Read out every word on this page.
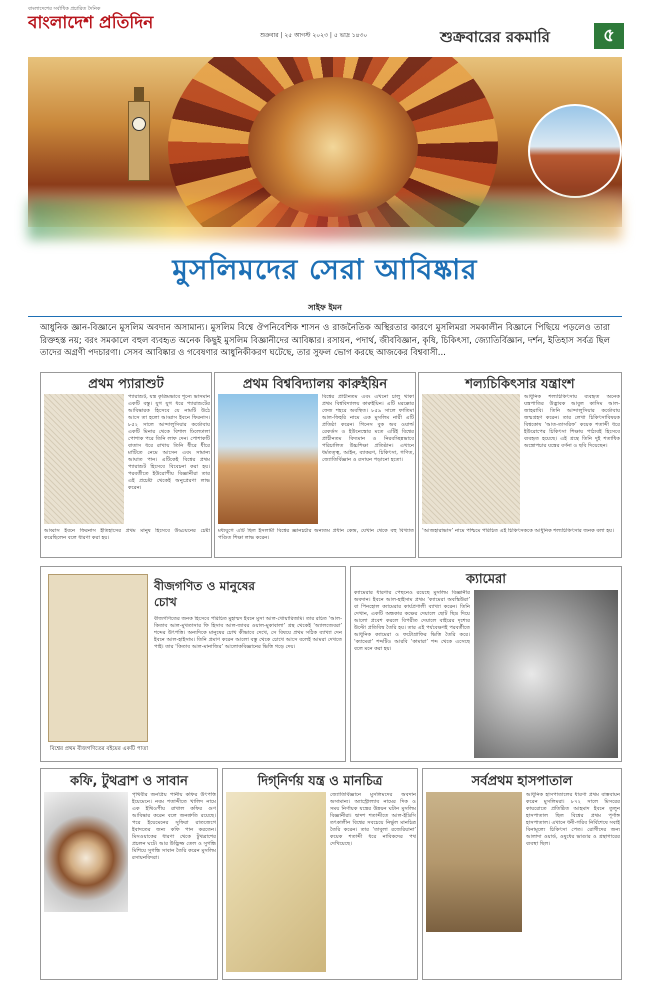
বাংলাদেশের সর্বাধিক প্রচারিত দৈনিক
বাংলাদেশ প্রতিদিন
শুক্রবার | ২৫ আগস্ট ২০২৩ | ৫ ভাদ্র ১৪৩০	শুক্রবারের রকমারি	৫
মুসলিমদের সেরা আবিষ্কার
সাইফ ইমন
আধুনিক জ্ঞান-বিজ্ঞানে মুসলিম অবদান অসামান্য। মুসলিম বিশ্বে ঔপনিবেশিক শাসন ও রাজনৈতিক অস্থিরতার কারণে মুসলিমরা সমকালীন বিজ্ঞানে পিছিয়ে পড়লেও তারা রিক্তহস্ত নয়; বরং সমকালে বহুল ব্যবহৃত অনেক কিছুই মুসলিম বিজ্ঞানীদের আবিষ্কার। রসায়ন, পদার্থ, জীববিজ্ঞান, কৃষি, চিকিৎসা, জ্যোতির্বিজ্ঞান, দর্শন, ইতিহাস সর্বত্র ছিল তাদের অগ্রণী পদচারণা। সেসব আবিষ্কার ও গবেষণার আধুনিকীকরণ ঘটেছে, তার সুফল ভোগ করছে আজকের বিশ্ববাসী...
প্রথম প্যারাশুট
প্যারাশুট, যন্ত্র কৃত্রিমভাবে শূন্যে ভাসমান একটি বস্তু। যুগ যুগ ধরে প্যারাশুটের আবিষ্কারক হিসেবে যে নামটি উঠে আসে তা হলো আব্বাস ইবনে ফিরনাস। ৮৫২ সালে আন্দালুসিয়ার কর্ডোবায় একটি মিনার থেকে বিশাল ঢিলেঢালা পোশাক পরে তিনি লাফ দেন। পোশাকটি বাতাস ধরে রাখায় তিনি ধীরে ধীরে মাটিতে নেমে আসেন এবং সামান্য আঘাত পান। এটিকেই বিশ্বের প্রথম প্যারাশুট হিসেবে বিবেচনা করা হয়। পরবর্তীতে ইউরোপীয় বিজ্ঞানীরা তার এই প্রচেষ্টা থেকেই অনুপ্রেরণা লাভ করেন।
আব্বাস ইবনে ফিরনাস ইতিহাসের প্রথম মানুষ হিসেবে উড্ডয়নের চেষ্টা করেছিলেন বলে ধারণা করা হয়।
প্রথম বিশ্ববিদ্যালয় কারুইয়িন
বিশ্বের প্রাচীনতম এবং এখনো চালু থাকা প্রথম বিশ্ববিদ্যালয় কারুইয়িন। এটি মরক্কোর ফেজ শহরে অবস্থিত। ৮৫৯ সালে ফাতিমা আল-ফিহরি নামে এক মুসলিম নারী এটি প্রতিষ্ঠা করেন। গিনেস বুক অব ওয়ার্ল্ড রেকর্ডস ও ইউনেস্কোর মতে এটিই বিশ্বের প্রাচীনতম বিদ্যমান ও নিরবচ্ছিন্নভাবে পরিচালিত উচ্চশিক্ষা প্রতিষ্ঠান। এখানে ধর্মতত্ত্ব, আইন, ব্যাকরণ, চিকিৎসা, গণিত, জ্যোতির্বিজ্ঞান ও রসায়ন পড়ানো হতো।
মধ্যযুগে এটি ছিল ইসলামী বিশ্বের জ্ঞানচর্চার অন্যতম প্রধান কেন্দ্র, যেখান থেকে বহু বিখ্যাত পণ্ডিত শিক্ষা লাভ করেন।
শল্যচিকিৎসার যন্ত্রাংশ
আধুনিক শল্যচিকিৎসায় ব্যবহৃত অনেক যন্ত্রপাতির উদ্ভাবক আবুল কাসিম আল-জাহরাবি। তিনি আন্দালুসিয়ার কর্ডোবায় জন্মগ্রহণ করেন। তার লেখা চিকিৎসাবিষয়ক বিশ্বকোষ ‘আত-তাসরিফ’ কয়েক শতাব্দী ধরে ইউরোপের চিকিৎসা শিক্ষায় পাঠ্যবই হিসেবে ব্যবহৃত হয়েছে। এই গ্রন্থে তিনি দুই শতাধিক অস্ত্রোপচার যন্ত্রের বর্ণনা ও ছবি দিয়েছেন।
‘আজহারাভাস’ নামে পশ্চিমে পরিচিত এই চিকিৎসককে আধুনিক শল্যচিকিৎসার জনক বলা হয়।
বিশ্বের প্রথম বীজগণিতের বইয়ের একটি পাতা
বীজগণিত ও মানুষের চোখ
বীজগণিতের জনক হিসেবে পরিচিত মুহাম্মদ ইবনে মুসা আল-খোয়ারিজমি। তার রচিত ‘আল-কিতাব আল-মুখতাসার ফি হিসাব আল-জাবর ওয়াল-মুকাবালা’ গ্রন্থ থেকেই ‘অ্যালজেবরা’ শব্দের উৎপত্তি। অন্যদিকে মানুষের চোখ কীভাবে দেখে, সে বিষয়ে প্রথম সঠিক ব্যাখ্যা দেন ইবনে আল-হাইসাম। তিনি প্রমাণ করেন আলো বস্তু থেকে চোখে আসে বলেই আমরা দেখতে পাই। তার ‘কিতাব আল-মানাজির’ আলোকবিজ্ঞানের ভিত্তি গড়ে দেয়।
ক্যামেরা
ক্যামেরার ধারণার পেছনেও রয়েছে মুসলিম বিজ্ঞানীর অবদান। ইবনে আল-হাইসাম প্রথম ‘ক্যামেরা অবস্কিউরা’ বা পিনহোল ক্যামেরার কার্যপ্রণালী ব্যাখ্যা করেন। তিনি দেখান, একটি অন্ধকার কক্ষের দেয়ালে ছোট ছিদ্র দিয়ে আলো প্রবেশ করলে বিপরীত দেয়ালে বাইরের দৃশ্যের উল্টো প্রতিবিম্ব তৈরি হয়। তার এই পর্যবেক্ষণই পরবর্তীতে আধুনিক ক্যামেরা ও ফটোগ্রাফির ভিত্তি তৈরি করে। ‘ক্যামেরা’ শব্দটিও আরবি ‘কামারা’ শব্দ থেকে এসেছে বলে মনে করা হয়।
কফি, টুথব্রাশ ও সাবান
পৃথিবীর জনপ্রিয় পানীয় কফির উৎপত্তি ইয়েমেনে। নবম শতাব্দীতে খালিদ নামে এক ইথিওপীয় রাখাল কফির গুণ আবিষ্কার করেন বলে জনশ্রুতি রয়েছে। পরে ইয়েমেনের সুফিরা রাতজেগে ইবাদতের জন্য কফি পান করতেন। মিসওয়াকের ধারণা থেকে টুথব্রাশের প্রচলন ঘটে। আর উদ্ভিজ্জ তেল ও সুগন্ধি মিশিয়ে সুগন্ধি সাবান তৈরি করেন মুসলিম রসায়নবিদরা।
দিগ্‌নির্ণয় যন্ত্র ও মানচিত্র
জ্যোতির্বিজ্ঞানে মুসলিমদের অবদান অসামান্য। অ্যাস্ট্রোল্যাব নামের দিক ও সময় নির্ণায়ক যন্ত্রের উন্নয়ন ঘটান মুসলিম বিজ্ঞানীরা। দ্বাদশ শতাব্দীতে আল-ইদ্রিসি তৎকালীন বিশ্বের সবচেয়ে নির্ভুল মানচিত্র তৈরি করেন। তার ‘তাবুলা রজেরিয়ানা’ কয়েক শতাব্দী ধরে নাবিকদের পথ দেখিয়েছে।
সর্বপ্রথম হাসপাতাল
আধুনিক হাসপাতালের ধারণা প্রথম বাস্তবায়ন করেন মুসলিমরা। ৮৭২ সালে মিসরের কায়রোতে প্রতিষ্ঠিত আহমাদ ইবনে তুলুন হাসপাতাল ছিল বিশ্বের প্রথম পূর্ণাঙ্গ হাসপাতাল। এখানে ধনী-গরিব নির্বিশেষে সবাই বিনামূল্যে চিকিৎসা পেত। রোগীদের জন্য আলাদা ওয়ার্ড, ওষুধের ভাণ্ডার ও গ্রন্থাগারের ব্যবস্থা ছিল।
